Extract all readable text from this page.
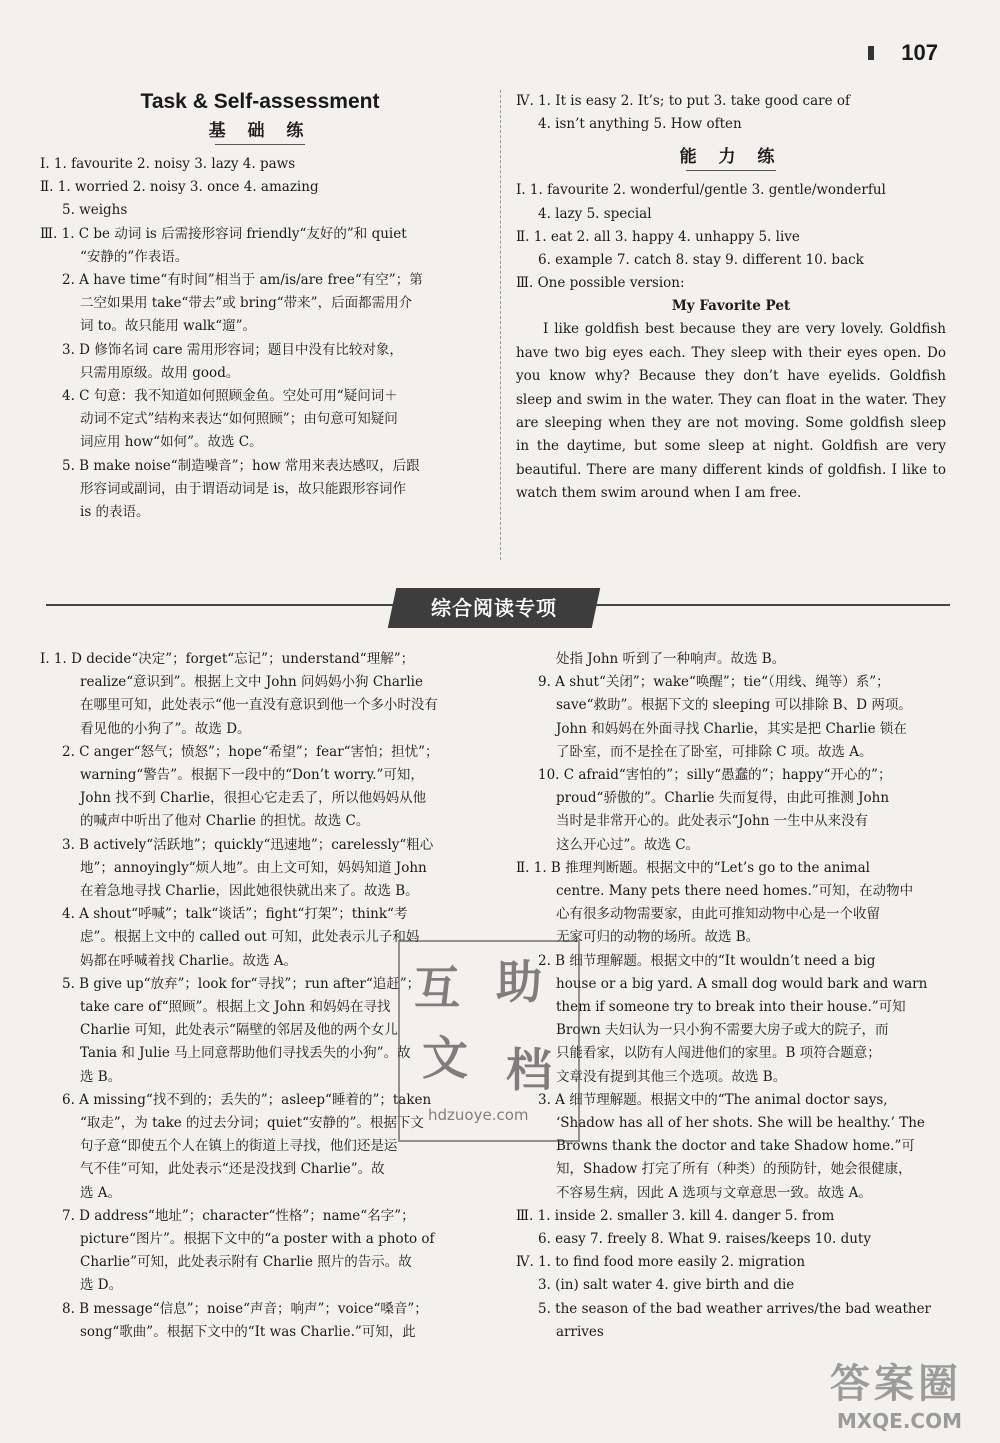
107
Task & Self-assessment
基 础 练
Ⅰ. 1. favourite 2. noisy 3. lazy 4. paws
Ⅱ. 1. worried 2. noisy 3. once 4. amazing
5. weighs
Ⅲ. 1. C be 动词 is 后需接形容词 friendly“友好的”和 quiet
“安静的”作表语。
2. A have time“有时间”相当于 am/is/are free“有空”；第
二空如果用 take“带去”或 bring“带来”，后面都需用介
词 to。故只能用 walk“遛”。
3. D 修饰名词 care 需用形容词；题目中没有比较对象，
只需用原级。故用 good。
4. C 句意：我不知道如何照顾金鱼。空处可用“疑问词＋
动词不定式”结构来表达“如何照顾”；由句意可知疑问
词应用 how“如何”。故选 C。
5. B make noise“制造噪音”；how 常用来表达感叹，后跟
形容词或副词，由于谓语动词是 is，故只能跟形容词作
is 的表语。
Ⅳ. 1. It is easy 2. It’s; to put 3. take good care of
4. isn’t anything 5. How often
能 力 练
Ⅰ. 1. favourite 2. wonderful/gentle 3. gentle/wonderful
4. lazy 5. special
Ⅱ. 1. eat 2. all 3. happy 4. unhappy 5. live
6. example 7. catch 8. stay 9. different 10. back
Ⅲ. One possible version:
My Favorite Pet
I like goldfish best because they are very lovely. Goldfish have two big eyes each. They sleep with their eyes open. Do you know why? Because they don’t have eyelids. Goldfish sleep and swim in the water. They can float in the water. They are sleeping when they are not moving. Some goldfish sleep in the daytime, but some sleep at night. Goldfish are very beautiful. There are many different kinds of goldfish. I like to watch them swim around when I am free.
综合阅读专项
Ⅰ. 1. D decide“决定”；forget“忘记”；understand“理解”；
realize“意识到”。根据上文中 John 问妈妈小狗 Charlie
在哪里可知，此处表示“他一直没有意识到他一个多小时没有
看见他的小狗了”。故选 D。
2. C anger“怒气；愤怒”；hope“希望”；fear“害怕；担忧”；
warning“警告”。根据下一段中的“Don’t worry.”可知，
John 找不到 Charlie，很担心它走丢了，所以他妈妈从他
的喊声中听出了他对 Charlie 的担忧。故选 C。
3. B actively“活跃地”；quickly“迅速地”；carelessly“粗心
地”；annoyingly“烦人地”。由上文可知，妈妈知道 John
在着急地寻找 Charlie，因此她很快就出来了。故选 B。
4. A shout“呼喊”；talk“谈话”；fight“打架”；think“考
虑”。根据上文中的 called out 可知，此处表示儿子和妈
妈都在呼喊着找 Charlie。故选 A。
5. B give up“放弃”；look for“寻找”；run after“追赶”；
take care of“照顾”。根据上文 John 和妈妈在寻找
Charlie 可知，此处表示“隔壁的邻居及他的两个女儿
Tania 和 Julie 马上同意帮助他们寻找丢失的小狗”。故
选 B。
6. A missing“找不到的；丢失的”；asleep“睡着的”；taken
“取走”，为 take 的过去分词；quiet“安静的”。根据下文
句子意“即使五个人在镇上的街道上寻找，他们还是运
气不佳”可知，此处表示“还是没找到 Charlie”。故
选 A。
7. D address“地址”；character“性格”；name“名字”；
picture“图片”。根据下文中的“a poster with a photo of
Charlie”可知，此处表示附有 Charlie 照片的告示。故
选 D。
8. B message“信息”；noise“声音；响声”；voice“嗓音”；
song“歌曲”。根据下文中的“It was Charlie.”可知，此
处指 John 听到了一种响声。故选 B。
9. A shut“关闭”；wake“唤醒”；tie“（用线、绳等）系”；
save“救助”。根据下文的 sleeping 可以排除 B、D 两项。
John 和妈妈在外面寻找 Charlie，其实是把 Charlie 锁在
了卧室，而不是拴在了卧室，可排除 C 项。故选 A。
10. C afraid“害怕的”；silly“愚蠢的”；happy“开心的”；
proud“骄傲的”。Charlie 失而复得，由此可推测 John
当时是非常开心的。此处表示“John 一生中从来没有
这么开心过”。故选 C。
Ⅱ. 1. B 推理判断题。根据文中的“Let’s go to the animal
centre. Many pets there need homes.”可知，在动物中
心有很多动物需要家，由此可推知动物中心是一个收留
无家可归的动物的场所。故选 B。
2. B 细节理解题。根据文中的“It wouldn’t need a big
house or a big yard. A small dog would bark and warn
them if someone try to break into their house.”可知
Brown 夫妇认为一只小狗不需要大房子或大的院子，而
只能看家，以防有人闯进他们的家里。B 项符合题意；
文章没有提到其他三个选项。故选 B。
3. A 细节理解题。根据文中的“The animal doctor says,
‘Shadow has all of her shots. She will be healthy.’ The
Browns thank the doctor and take Shadow home.”可
知，Shadow 打完了所有（种类）的预防针，她会很健康，
不容易生病，因此 A 选项与文章意思一致。故选 A。
Ⅲ. 1. inside 2. smaller 3. kill 4. danger 5. from
6. easy 7. freely 8. What 9. raises/keeps 10. duty
Ⅳ. 1. to find food more easily 2. migration
3. (in) salt water 4. give birth and die
5. the season of the bad weather arrives/the bad weather
arrives
互 助
文 档
hdzuoye.com
答案圈
MXQE.COM
